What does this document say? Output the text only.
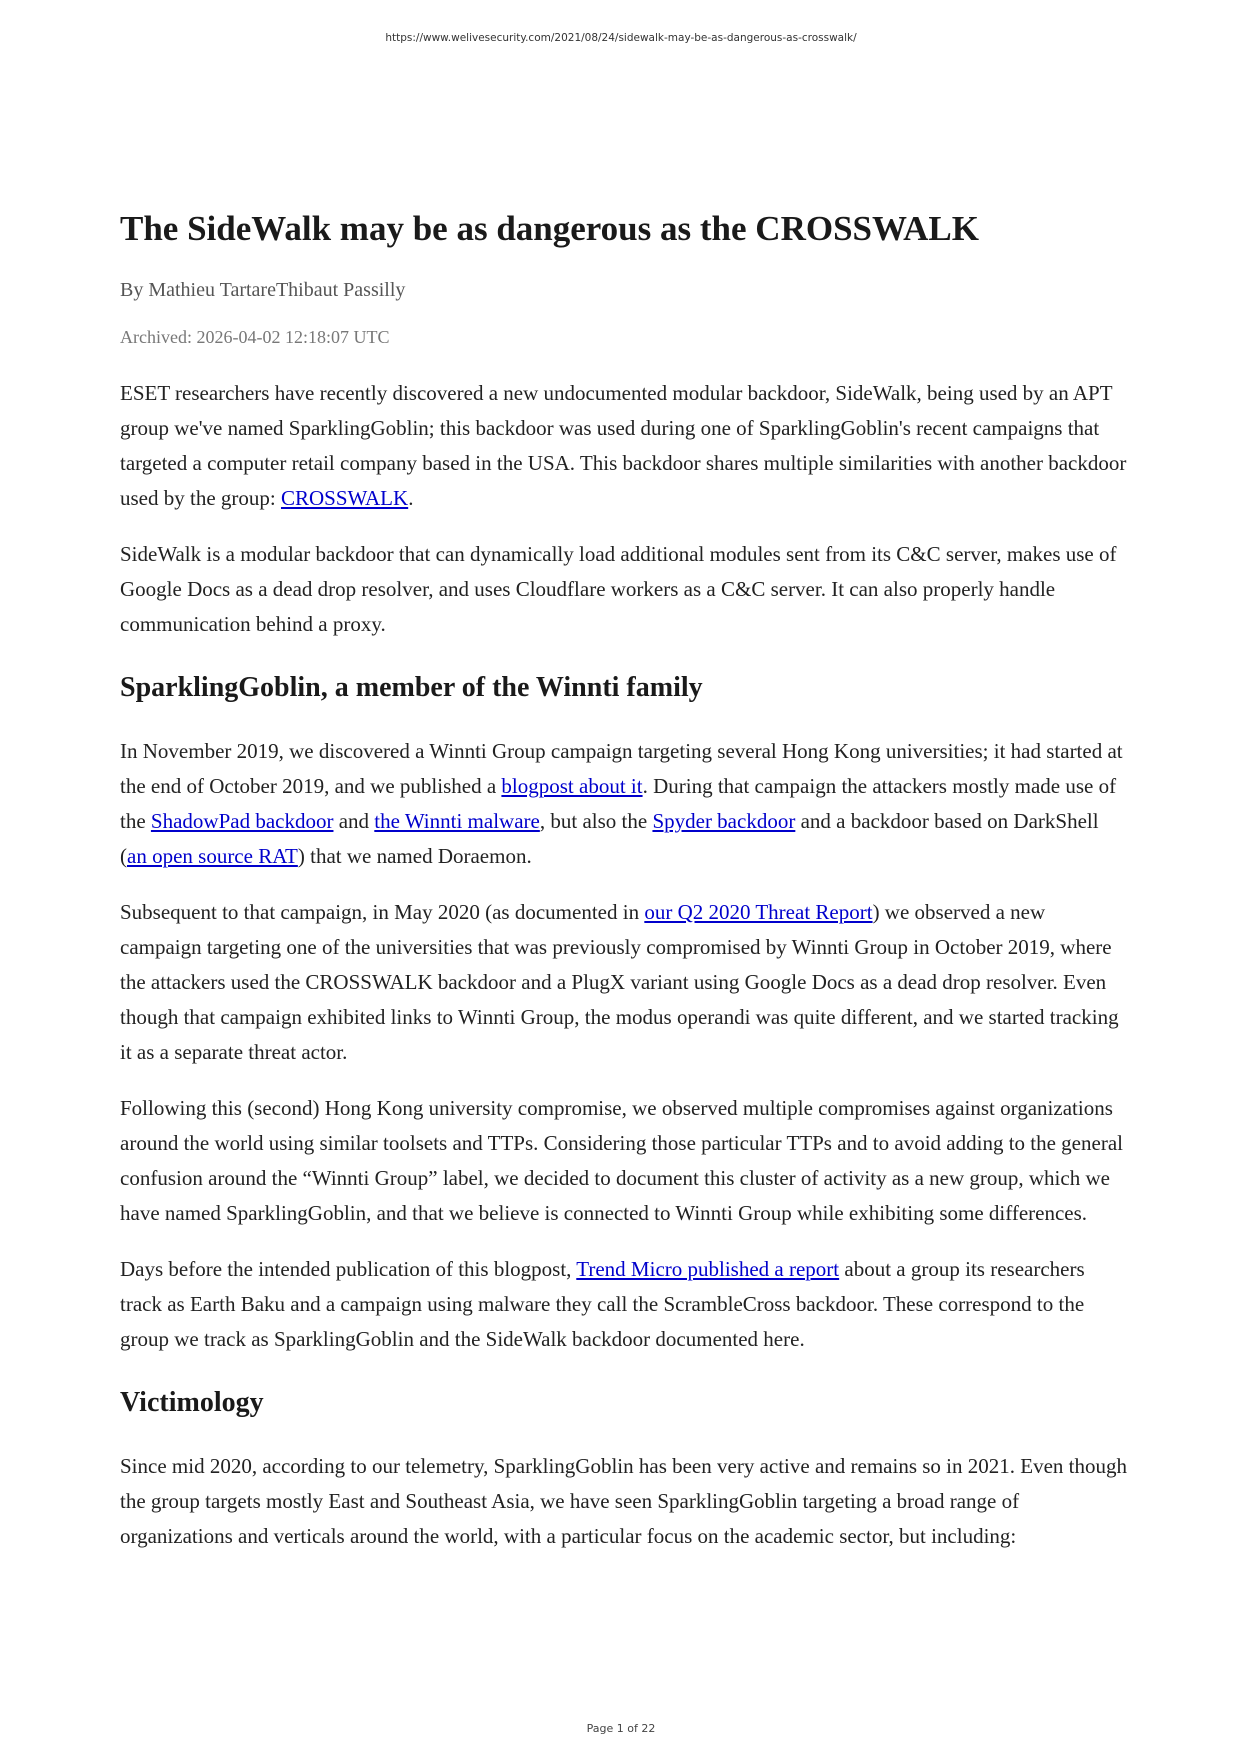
https://www.welivesecurity.com/2021/08/24/sidewalk-may-be-as-dangerous-as-crosswalk/
The SideWalk may be as dangerous as the CROSSWALK
By Mathieu TartareThibaut Passilly
Archived: 2026-04-02 12:18:07 UTC

ESET researchers have recently discovered a new undocumented modular backdoor, SideWalk, being used by an APT group we've named SparklingGoblin; this backdoor was used during one of SparklingGoblin's recent campaigns that targeted a computer retail company based in the USA. This backdoor shares multiple similarities with another backdoor used by the group: CROSSWALK.

SideWalk is a modular backdoor that can dynamically load additional modules sent from its C&C server, makes use of Google Docs as a dead drop resolver, and uses Cloudflare workers as a C&C server. It can also properly handle communication behind a proxy.

SparklingGoblin, a member of the Winnti family

In November 2019, we discovered a Winnti Group campaign targeting several Hong Kong universities; it had started at the end of October 2019, and we published a blogpost about it. During that campaign the attackers mostly made use of the ShadowPad backdoor and the Winnti malware, but also the Spyder backdoor and a backdoor based on DarkShell (an open source RAT) that we named Doraemon.

Subsequent to that campaign, in May 2020 (as documented in our Q2 2020 Threat Report) we observed a new campaign targeting one of the universities that was previously compromised by Winnti Group in October 2019, where the attackers used the CROSSWALK backdoor and a PlugX variant using Google Docs as a dead drop resolver. Even though that campaign exhibited links to Winnti Group, the modus operandi was quite different, and we started tracking it as a separate threat actor.

Following this (second) Hong Kong university compromise, we observed multiple compromises against organizations around the world using similar toolsets and TTPs. Considering those particular TTPs and to avoid adding to the general confusion around the “Winnti Group” label, we decided to document this cluster of activity as a new group, which we have named SparklingGoblin, and that we believe is connected to Winnti Group while exhibiting some differences.

Days before the intended publication of this blogpost, Trend Micro published a report about a group its researchers track as Earth Baku and a campaign using malware they call the ScrambleCross backdoor. These correspond to the group we track as SparklingGoblin and the SideWalk backdoor documented here.

Victimology

Since mid 2020, according to our telemetry, SparklingGoblin has been very active and remains so in 2021. Even though the group targets mostly East and Southeast Asia, we have seen SparklingGoblin targeting a broad range of organizations and verticals around the world, with a particular focus on the academic sector, but including:

Page 1 of 22
